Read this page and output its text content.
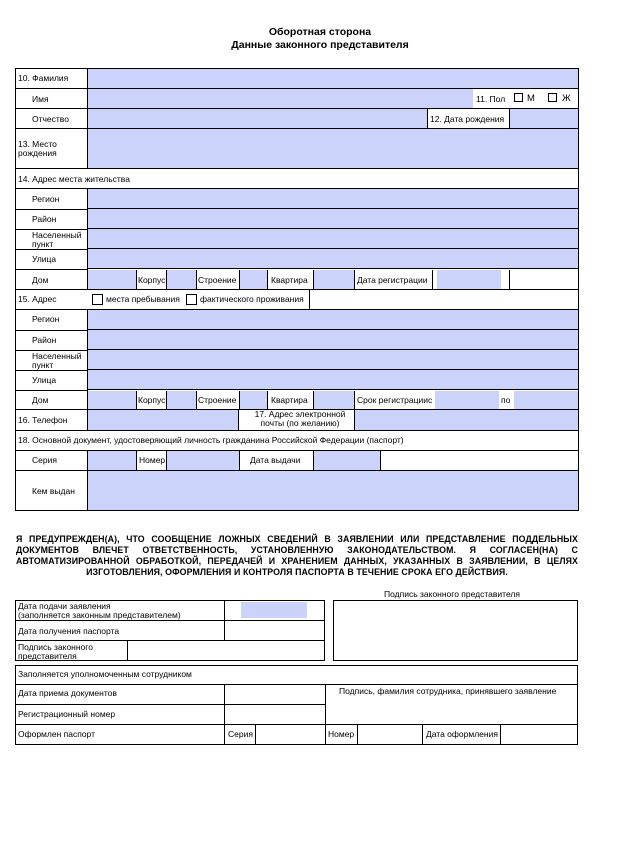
Оборотная сторона
Данные законного представителя
10. Фамилия
Имя	11. Пол М	Ж
Отчество	12. Дата рождения
13. Место рождения
14. Адрес места жительства
Регион
Район
Населенный пункт
Улица
Дом	Корпус	Строение	Квартира	Дата регистрации
15. Адрес	места пребывания фактического проживания
Регион
Район
Населенный пункт
Улица
Дом	Корпус	Строение	Квартира	Срок регистрации с	по
16. Телефон
17. Адрес электронной почты (по желанию)
18. Основной документ, удостоверяющий личность гражданина Российской Федерации (паспорт)
Серия	Номер	Дата выдачи
Кем выдан
Я ПРЕДУПРЕЖДЕН(А), ЧТО СООБЩЕНИЕ ЛОЖНЫХ СВЕДЕНИЙ В ЗАЯВЛЕНИИ ИЛИ ПРЕДСТАВЛЕНИЕ ПОДДЕЛЬНЫХ ДОКУМЕНТОВ ВЛЕЧЕТ ОТВЕТСТВЕННОСТЬ, УСТАНОВЛЕННУЮ ЗАКОНОДАТЕЛЬСТВОМ. Я СОГЛАСЕН(НА) С АВТОМАТИЗИРОВАННОЙ ОБРАБОТКОЙ, ПЕРЕДАЧЕЙ И ХРАНЕНИЕМ ДАННЫХ, УКАЗАННЫХ В ЗАЯВЛЕНИИ, В ЦЕЛЯХ ИЗГОТОВЛЕНИЯ, ОФОРМЛЕНИЯ И КОНТРОЛЯ ПАСПОРТА В ТЕЧЕНИЕ СРОКА ЕГО ДЕЙСТВИЯ.
Подпись законного представителя
Дата подачи заявления
(заполняется законным представителем)
Дата получения паспорта
Подпись законного представителя
Заполняется уполномоченным сотрудником
Дата приема документов
Регистрационный номер
Подпись, фамилия сотрудника, принявшего заявление
Оформлен паспорт	Серия	Номер	Дата оформления
